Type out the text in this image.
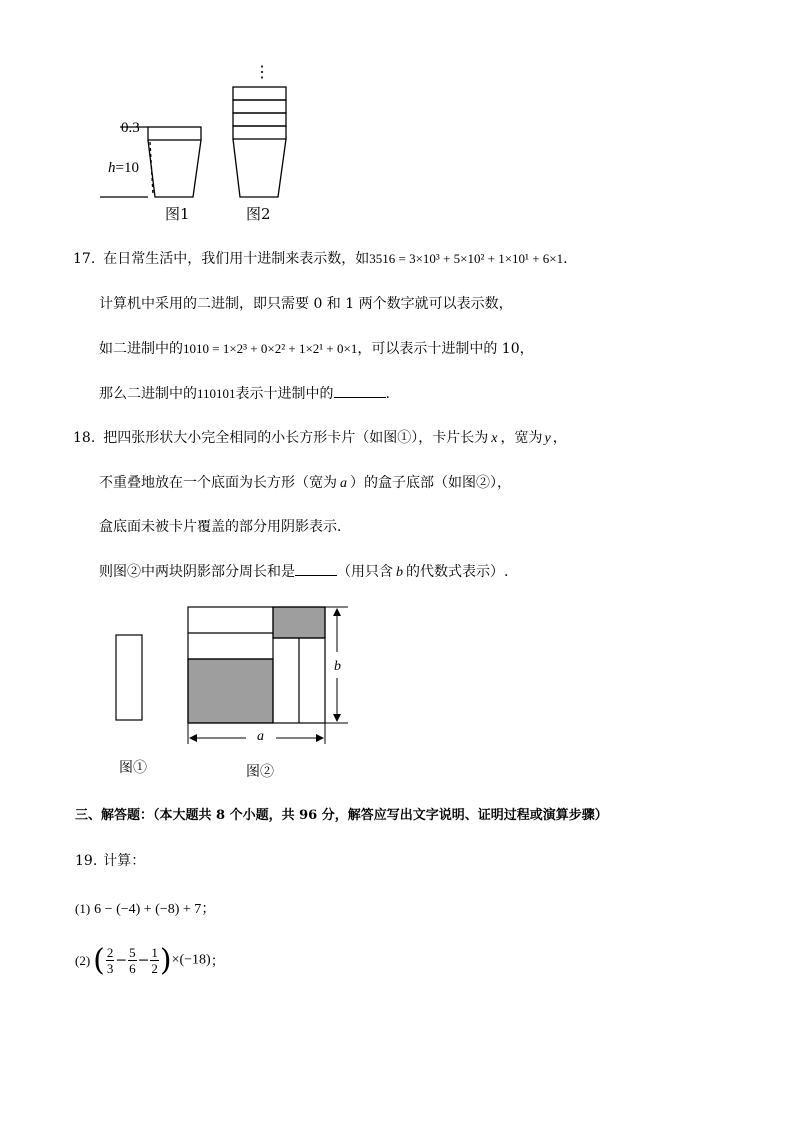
0.3
h=10
⋮
图1	图2
17. 在日常生活中，我们用十进制来表示数，如3516 = 3×10³ + 5×10² + 1×10¹ + 6×1.
计算机中采用的二进制，即只需要 0 和 1 两个数字就可以表示数，
如二进制中的1010 = 1×2³ + 0×2² + 1×2¹ + 0×1，可以表示十进制中的 10，
那么二进制中的110101表示十进制中的	.
18. 把四张形状大小完全相同的小长方形卡片（如图①），卡片长为 x ，宽为 y ，
不重叠地放在一个底面为长方形（宽为 a ）的盒子底部（如图②），
盒底面未被卡片覆盖的部分用阴影表示．
则图②中两块阴影部分周长和是	（用只含 b 的代数式表示）.
b
a
图①	图②
三、解答题：（本大题共 8 个小题，共 96 分，解答应写出文字说明、证明过程或演算步骤）
19. 计算：
(1) 6 − (−4) + (−8) + 7；
(2) ( $\frac{2}{3} - \frac{5}{6} - \frac{1}{2} )\times(-18)$；
